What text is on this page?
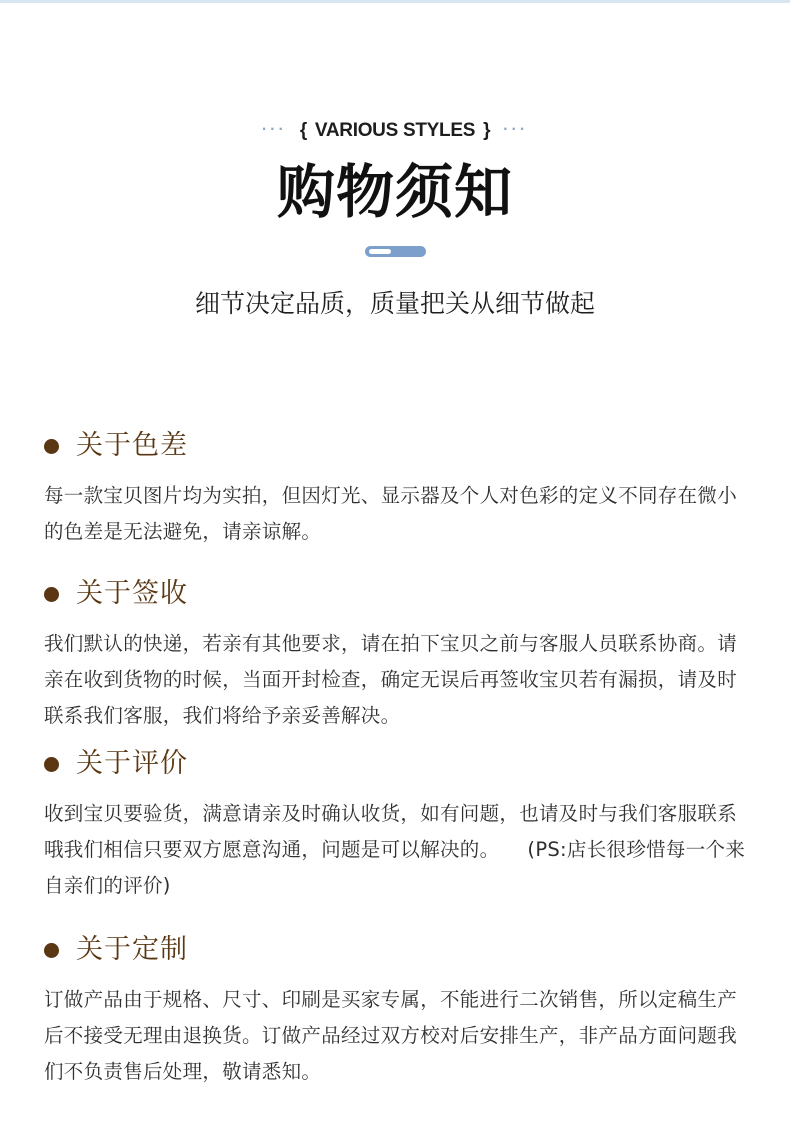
··· { VARIOUS STYLES } ···
购物须知
细节决定品质，质量把关从细节做起
关于色差

每一款宝贝图片均为实拍，但因灯光、显示器及个人对色彩的定义不同存在微小的色差是无法避免，请亲谅解。

关于签收

我们默认的快递，若亲有其他要求，请在拍下宝贝之前与客服人员联系协商。请亲在收到货物的时候，当面开封检查，确定无误后再签收宝贝若有漏损，请及时联系我们客服，我们将给予亲妥善解决。

关于评价

收到宝贝要验货，满意请亲及时确认收货，如有问题，也请及时与我们客服联系哦我们相信只要双方愿意沟通，问题是可以解决的。 (PS:店长很珍惜每一个来自亲们的评价)

关于定制

订做产品由于规格、尺寸、印刷是买家专属，不能进行二次销售，所以定稿生产后不接受无理由退换货。订做产品经过双方校对后安排生产，非产品方面问题我们不负责售后处理，敬请悉知。
